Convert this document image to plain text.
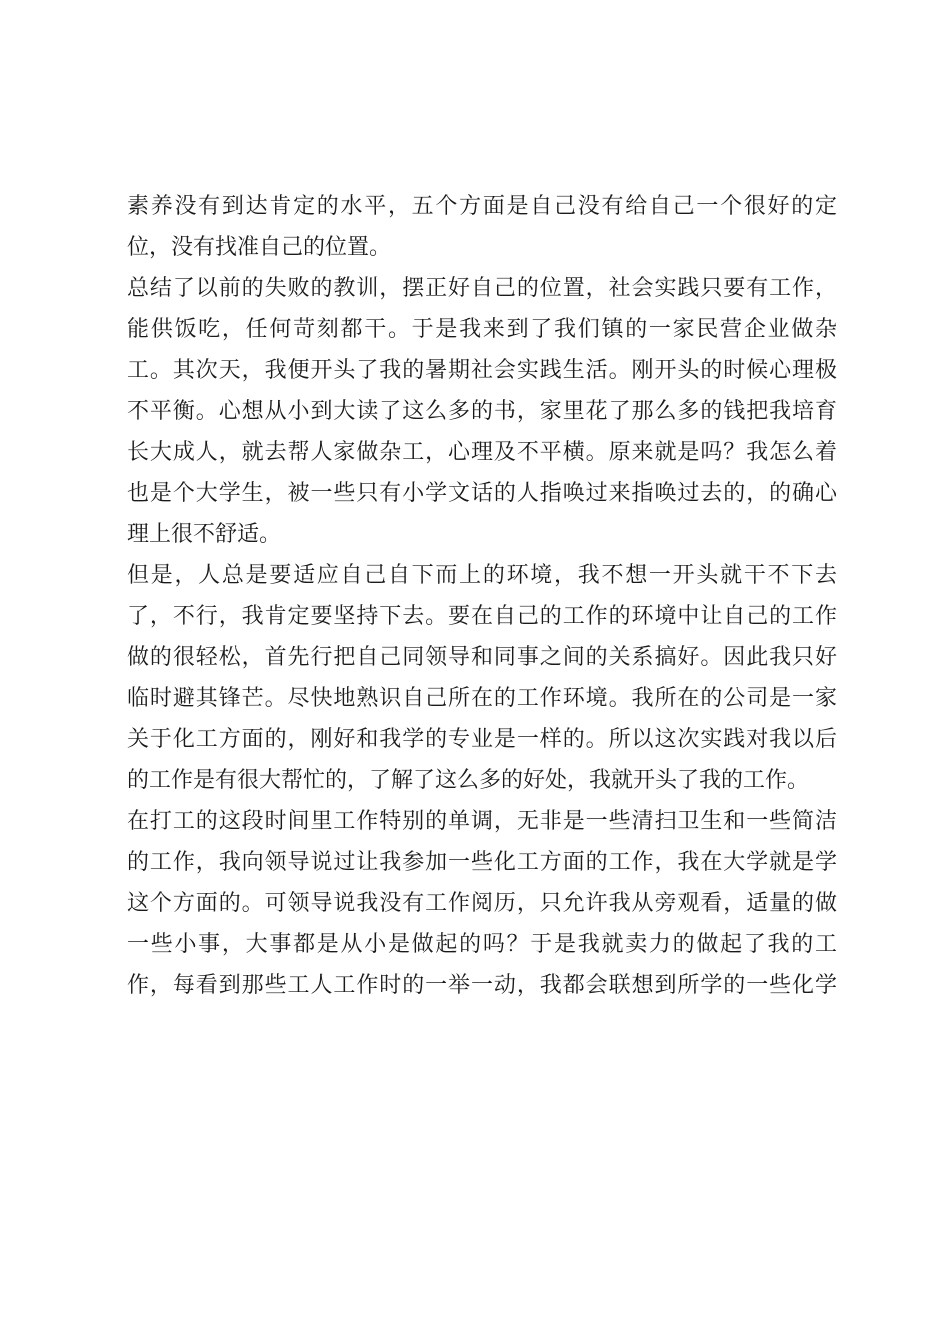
素养没有到达肯定的水平，五个方面是自己没有给自己一个很好的定
位，没有找准自己的位置。
总结了以前的失败的教训，摆正好自己的位置，社会实践只要有工作，
能供饭吃，任何苛刻都干。于是我来到了我们镇的一家民营企业做杂
工。其次天，我便开头了我的暑期社会实践生活。刚开头的时候心理极
不平衡。心想从小到大读了这么多的书，家里花了那么多的钱把我培育
长大成人，就去帮人家做杂工，心理及不平横。原来就是吗？我怎么着
也是个大学生，被一些只有小学文话的人指唤过来指唤过去的，的确心
理上很不舒适。
但是，人总是要适应自己自下而上的环境，我不想一开头就干不下去
了，不行，我肯定要坚持下去。要在自己的工作的环境中让自己的工作
做的很轻松，首先行把自己同领导和同事之间的关系搞好。因此我只好
临时避其锋芒。尽快地熟识自己所在的工作环境。我所在的公司是一家
关于化工方面的，刚好和我学的专业是一样的。所以这次实践对我以后
的工作是有很大帮忙的，了解了这么多的好处，我就开头了我的工作。
在打工的这段时间里工作特别的单调，无非是一些清扫卫生和一些简洁
的工作，我向领导说过让我参加一些化工方面的工作，我在大学就是学
这个方面的。可领导说我没有工作阅历，只允许我从旁观看，适量的做
一些小事，大事都是从小是做起的吗？于是我就卖力的做起了我的工
作，每看到那些工人工作时的一举一动，我都会联想到所学的一些化学
